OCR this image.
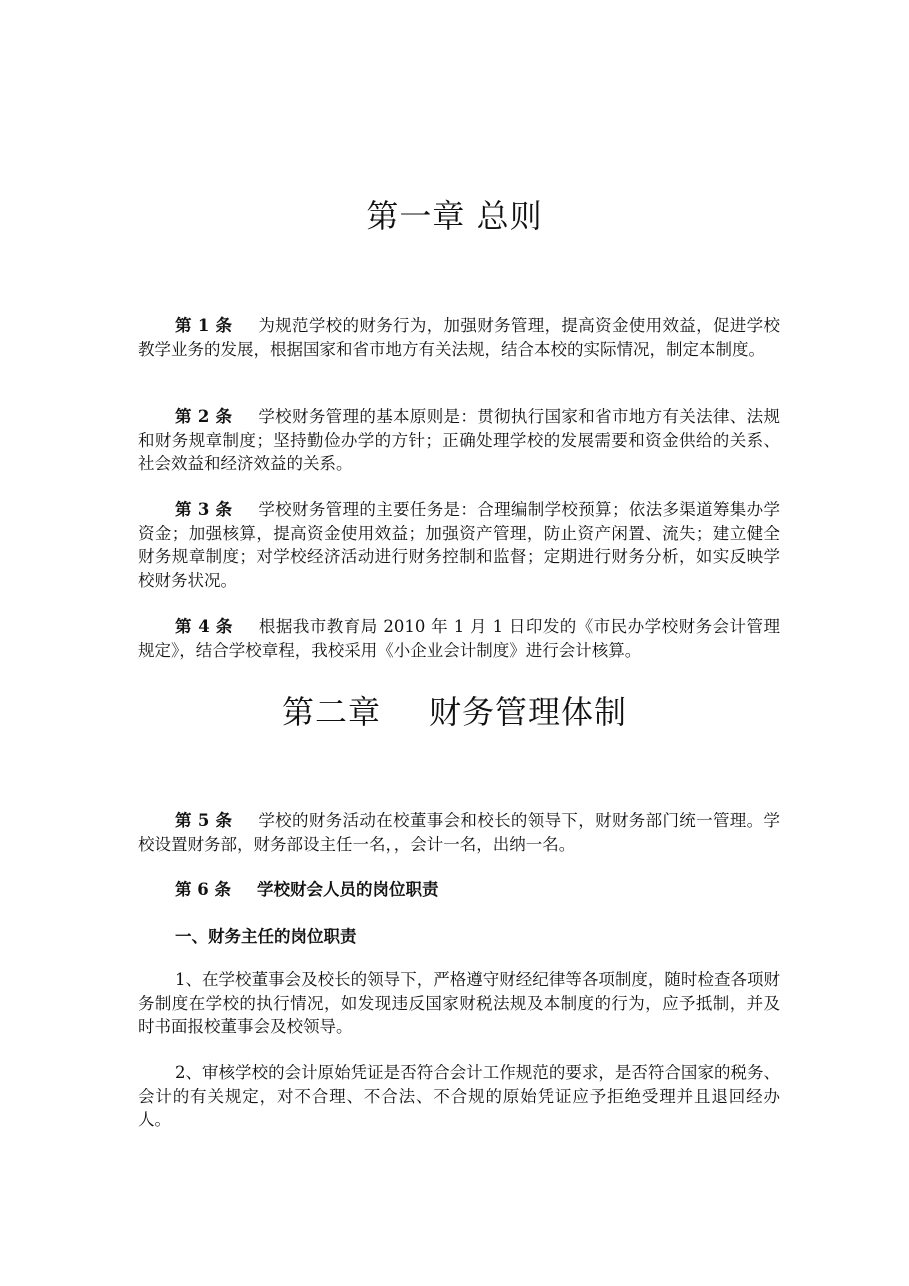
第一章 总则

第 1 条 为规范学校的财务行为，加强财务管理，提高资金使用效益，促进学校教学业务的发展，根据国家和省市地方有关法规，结合本校的实际情况，制定本制度。

第 2 条 学校财务管理的基本原则是：贯彻执行国家和省市地方有关法律、法规和财务规章制度；坚持勤俭办学的方针；正确处理学校的发展需要和资金供给的关系、社会效益和经济效益的关系。

第 3 条 学校财务管理的主要任务是：合理编制学校预算；依法多渠道筹集办学资金；加强核算，提高资金使用效益；加强资产管理，防止资产闲置、流失；建立健全财务规章制度；对学校经济活动进行财务控制和监督；定期进行财务分析，如实反映学校财务状况。

第 4 条 根据我市教育局 2010 年 1 月 1 日印发的《市民办学校财务会计管理规定》，结合学校章程，我校采用《小企业会计制度》进行会计核算。

第二章 财务管理体制

第 5 条 学校的财务活动在校董事会和校长的领导下，财财务部门统一管理。学校设置财务部，财务部设主任一名，，会计一名，出纳一名。

第 6 条 学校财会人员的岗位职责

一、财务主任的岗位职责

1、在学校董事会及校长的领导下，严格遵守财经纪律等各项制度，随时检查各项财务制度在学校的执行情况，如发现违反国家财税法规及本制度的行为，应予抵制，并及时书面报校董事会及校领导。

2、审核学校的会计原始凭证是否符合会计工作规范的要求，是否符合国家的税务、会计的有关规定，对不合理、不合法、不合规的原始凭证应予拒绝受理并且退回经办人。
